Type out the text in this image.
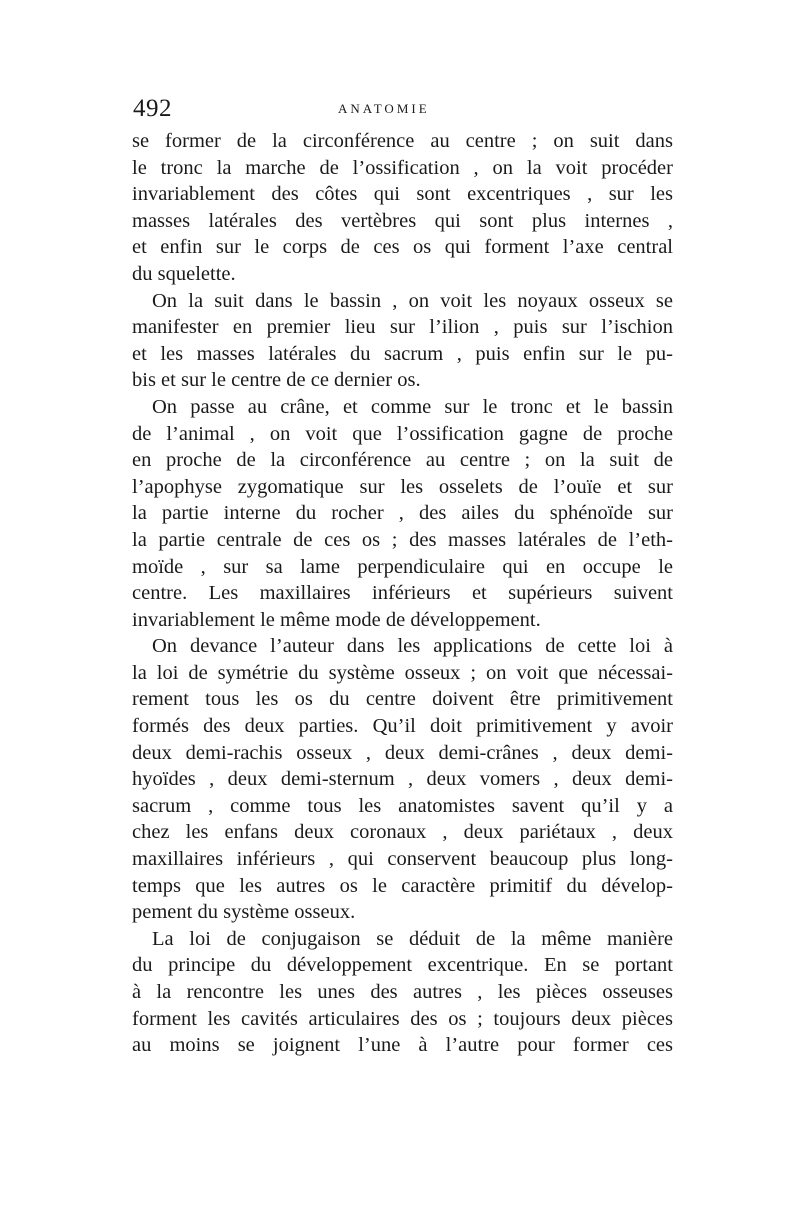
492	ANATOMIE
se former de la circonférence au centre ; on suit dans
le tronc la marche de l’ossification , on la voit procéder
invariablement des côtes qui sont excentriques , sur les
masses latérales des vertèbres qui sont plus internes ,
et enfin sur le corps de ces os qui forment l’axe central
du squelette.
On la suit dans le bassin , on voit les noyaux osseux se
manifester en premier lieu sur l’ilion , puis sur l’ischion
et les masses latérales du sacrum , puis enfin sur le pu-
bis et sur le centre de ce dernier os.
On passe au crâne, et comme sur le tronc et le bassin
de l’animal , on voit que l’ossification gagne de proche
en proche de la circonférence au centre ; on la suit de
l’apophyse zygomatique sur les osselets de l’ouïe et sur
la partie interne du rocher , des ailes du sphénoïde sur
la partie centrale de ces os ; des masses latérales de l’eth-
moïde , sur sa lame perpendiculaire qui en occupe le
centre. Les maxillaires inférieurs et supérieurs suivent
invariablement le même mode de développement.
On devance l’auteur dans les applications de cette loi à
la loi de symétrie du système osseux ; on voit que nécessai-
rement tous les os du centre doivent être primitivement
formés des deux parties. Qu’il doit primitivement y avoir
deux demi-rachis osseux , deux demi-crânes , deux demi-
hyoïdes , deux demi-sternum , deux vomers , deux demi-
sacrum , comme tous les anatomistes savent qu’il y a
chez les enfans deux coronaux , deux pariétaux , deux
maxillaires inférieurs , qui conservent beaucoup plus long-
temps que les autres os le caractère primitif du dévelop-
pement du système osseux.
La loi de conjugaison se déduit de la même manière
du principe du développement excentrique. En se portant
à la rencontre les unes des autres , les pièces osseuses
forment les cavités articulaires des os ; toujours deux pièces
au moins se joignent l’une à l’autre pour former ces
